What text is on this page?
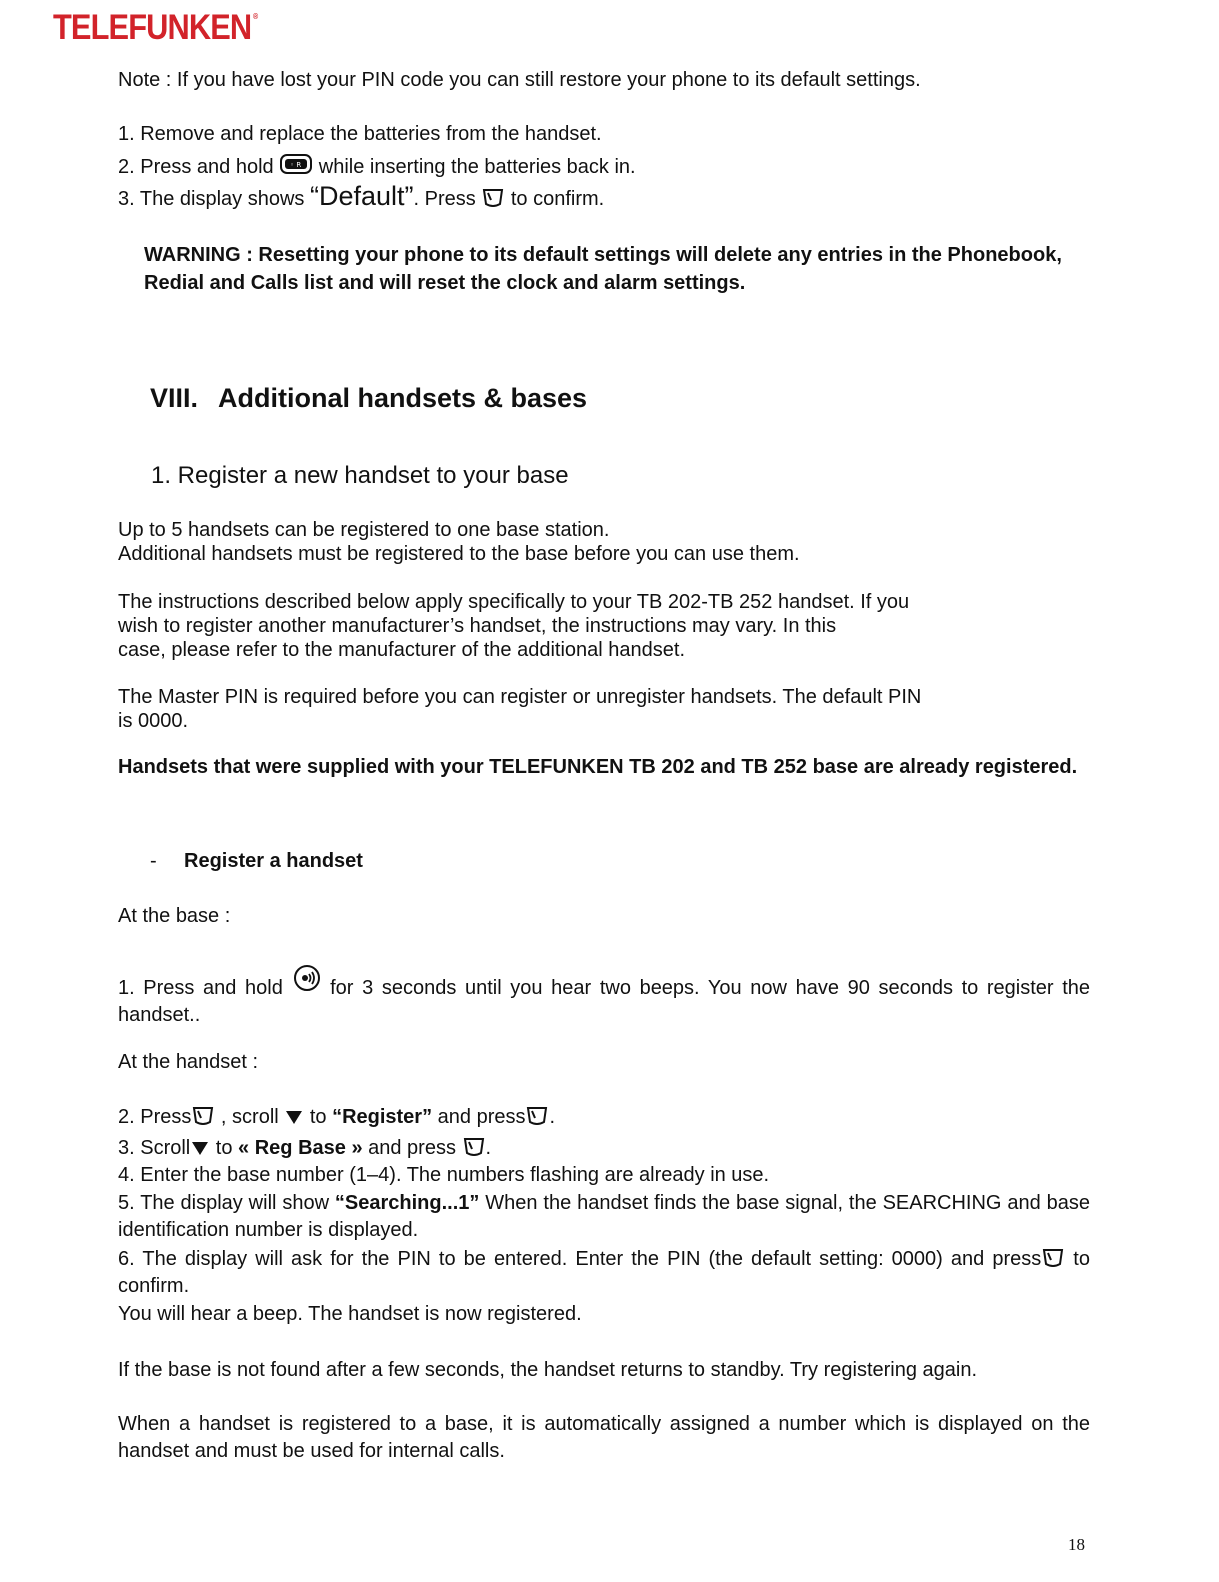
TELEFUNKEN ®
Note : If you have lost your PIN code you can still restore your phone to its default settings.
1. Remove and replace the batteries from the handset.
2. Press and hold ◦ R while inserting the batteries back in.
3. The display shows “Default”. Press  to confirm.
WARNING : Resetting your phone to its default settings will delete any entries in the Phonebook,
Redial and Calls list and will reset the clock and alarm settings.
VIII. Additional handsets & bases
1. Register a new handset to your base
Up to 5 handsets can be registered to one base station.
Additional handsets must be registered to the base before you can use them.
The instructions described below apply specifically to your TB 202-TB 252 handset. If you
wish to register another manufacturer’s handset, the instructions may vary. In this
case, please refer to the manufacturer of the additional handset.
The Master PIN is required before you can register or unregister handsets. The default PIN
is 0000.
Handsets that were supplied with your TELEFUNKEN TB 202 and TB 252 base are already registered.
- Register a handset
At the base :
1. Press and hold  for 3 seconds until you hear two beeps. You now have 90 seconds to register the handset..
At the handset :
2. Press , scroll  to “Register” and press .
3. Scroll to « Reg Base » and press .
4. Enter the base number (1–4). The numbers flashing are already in use.
5. The display will show “Searching...1” When the handset finds the base signal, the SEARCHING and base identification number is displayed.
6. The display will ask for the PIN to be entered. Enter the PIN (the default setting: 0000) and press to confirm.
You will hear a beep. The handset is now registered.
If the base is not found after a few seconds, the handset returns to standby. Try registering again.
When a handset is registered to a base, it is automatically assigned a number which is displayed on the handset and must be used for internal calls.
18
